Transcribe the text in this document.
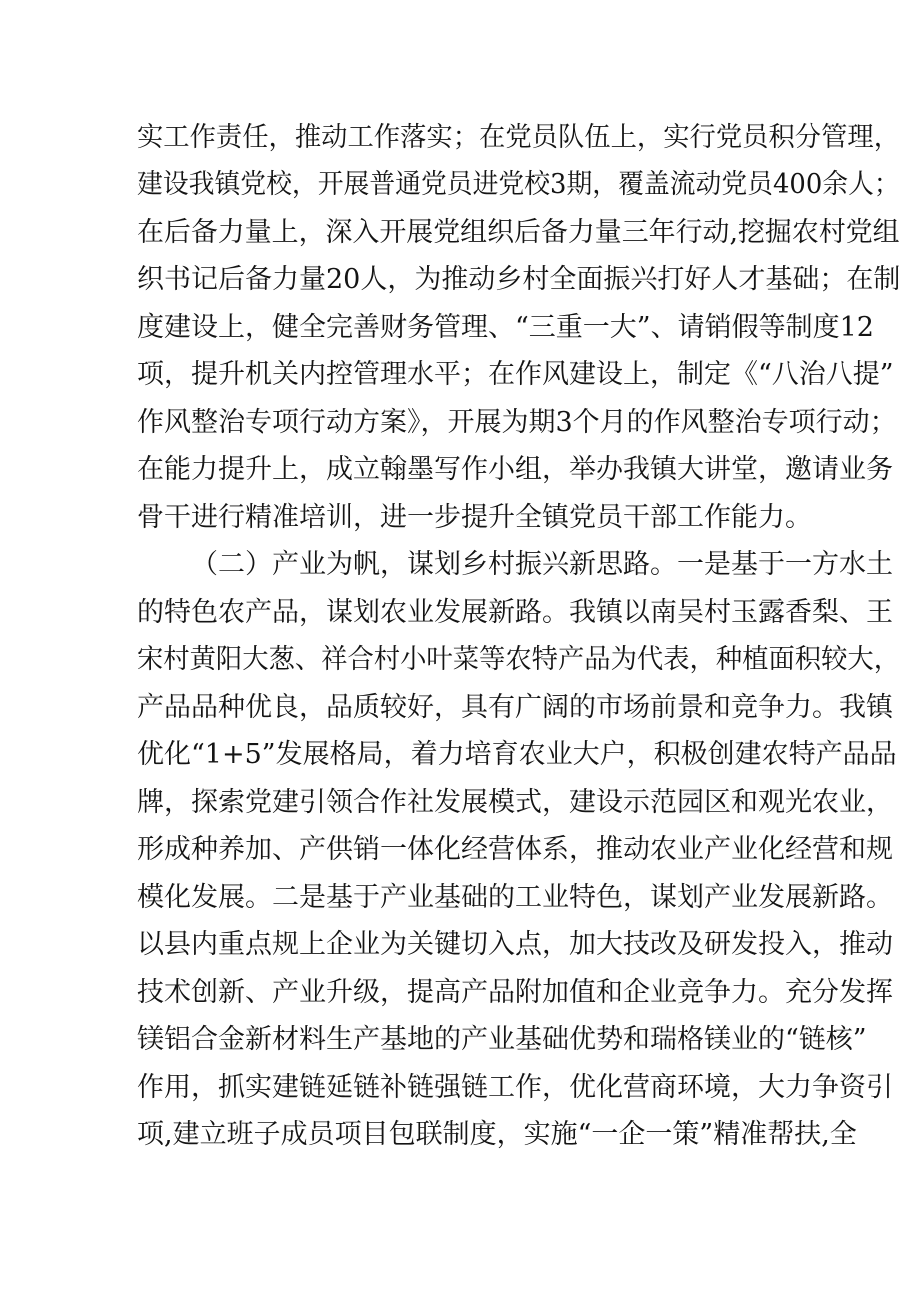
实工作责任，推动工作落实；在党员队伍上，实行党员积分管理，
建设我镇党校，开展普通党员进党校3期，覆盖流动党员400余人；
在后备力量上，深入开展党组织后备力量三年行动,挖掘农村党组
织书记后备力量20人，为推动乡村全面振兴打好人才基础；在制
度建设上，健全完善财务管理、“三重一大”、请销假等制度12
项，提升机关内控管理水平；在作风建设上，制定《“八治八提”
作风整治专项行动方案》，开展为期3个月的作风整治专项行动；
在能力提升上，成立翰墨写作小组，举办我镇大讲堂，邀请业务
骨干进行精准培训，进一步提升全镇党员干部工作能力。
（二）产业为帆，谋划乡村振兴新思路。一是基于一方水土
的特色农产品，谋划农业发展新路。我镇以南吴村玉露香梨、王
宋村黄阳大葱、祥合村小叶菜等农特产品为代表，种植面积较大，
产品品种优良，品质较好，具有广阔的市场前景和竞争力。我镇
优化“1+5”发展格局，着力培育农业大户，积极创建农特产品品
牌，探索党建引领合作社发展模式，建设示范园区和观光农业，
形成种养加、产供销一体化经营体系，推动农业产业化经营和规
模化发展。二是基于产业基础的工业特色，谋划产业发展新路。
以县内重点规上企业为关键切入点，加大技改及研发投入，推动
技术创新、产业升级，提高产品附加值和企业竞争力。充分发挥
镁铝合金新材料生产基地的产业基础优势和瑞格镁业的“链核”
作用，抓实建链延链补链强链工作，优化营商环境，大力争资引
项,建立班子成员项目包联制度，实施“一企一策”精准帮扶,全
